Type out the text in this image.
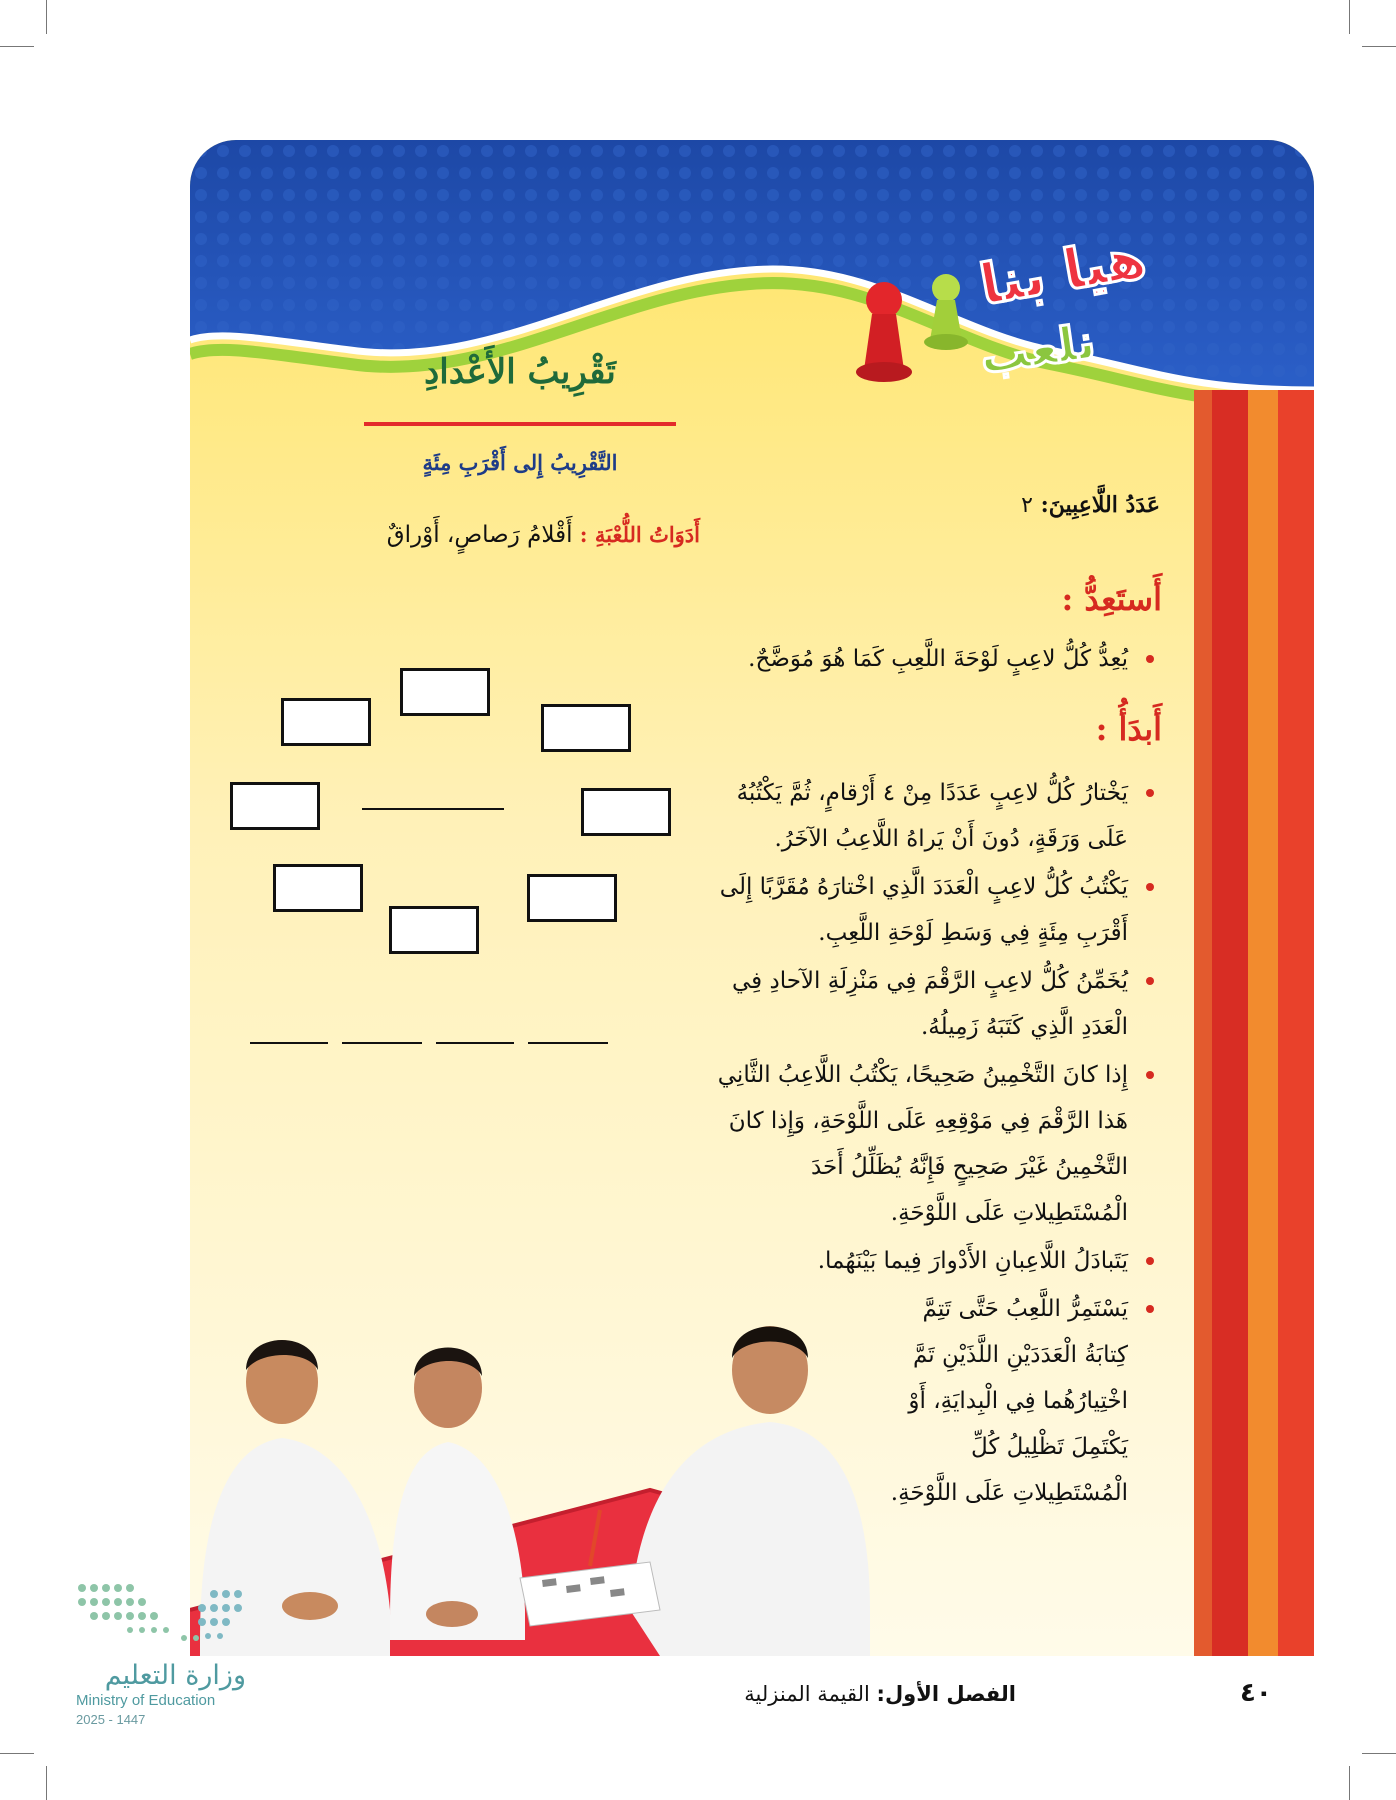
هيا بنا
نلعب
تَقْرِيبُ الأَعْدادِ
التَّقْرِيبُ إِلى أَقْرَبِ مِئَةٍ
عَدَدُ اللَّاعِبِينَ: ٢
أَدَوَاتُ اللُّعْبَةِ : أَقْلامُ رَصاصٍ، أَوْراقٌ
أَستَعِدُّ :
يُعِدُّ كُلُّ لاعِبٍ لَوْحَةَ اللَّعِبِ كَمَا هُوَ مُوَضَّحٌ.
أَبدَأُ :
يَخْتارُ كُلُّ لاعِبٍ عَدَدًا مِنْ ٤ أَرْقامٍ، ثُمَّ يَكْتُبُهُ عَلَى وَرَقَةٍ، دُونَ أَنْ يَراهُ اللَّاعِبُ الآخَرُ.
يَكْتُبُ كُلُّ لاعِبٍ الْعَدَدَ الَّذِي اخْتارَهُ مُقَرَّبًا إِلَى أَقْرَبِ مِئَةٍ فِي وَسَطِ لَوْحَةِ اللَّعِبِ.
يُخَمِّنُ كُلُّ لاعِبٍ الرَّقْمَ فِي مَنْزِلَةِ الآحادِ فِي الْعَدَدِ الَّذِي كَتَبَهُ زَمِيلُهُ.
إِذا كانَ التَّخْمِينُ صَحِيحًا، يَكْتُبُ اللَّاعِبُ الثَّانِي هَذا الرَّقْمَ فِي مَوْقِعِهِ عَلَى اللَّوْحَةِ، وَإِذا كانَ التَّخْمِينُ غَيْرَ صَحِيحٍ فَإِنَّهُ يُظَلِّلُ أَحَدَ الْمُسْتَطِيلاتِ عَلَى اللَّوْحَةِ.
يَتَبادَلُ اللَّاعِبانِ الأَدْوارَ فِيما بَيْنَهُما.
يَسْتَمِرُّ اللَّعِبُ حَتَّى تَتِمَّ كِتابَةُ الْعَدَدَيْنِ اللَّذَيْنِ تَمَّ اخْتِيارُهُما فِي الْبِدايَةِ، أَوْ يَكْتَمِلَ تَظْلِيلُ كُلِّ الْمُسْتَطِيلاتِ عَلَى اللَّوْحَةِ.
وزارة التعليم
Ministry of Education
2025 - 1447
الفصل الأول: القيمة المنزلية	٤٠
